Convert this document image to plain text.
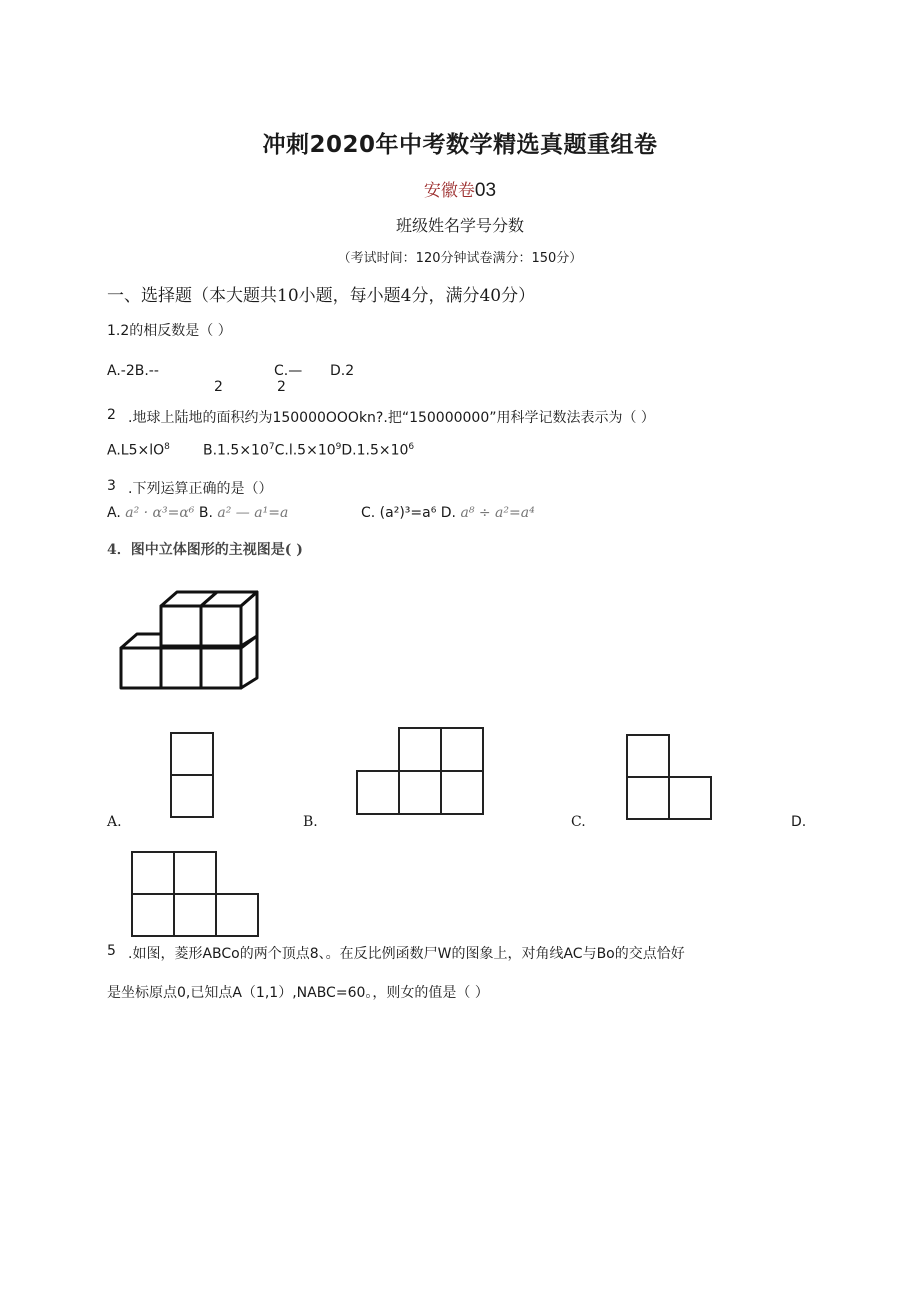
冲刺2020年中考数学精选真题重组卷
安徽卷03
班级姓名学号分数
（考试时间：120分钟试卷满分：150分）
一、选择题（本大题共10小题，每小题4分，满分40分）
1.2的相反数是（ ）
A.-2B.--	C.— D.2
2	2
2 .地球上陆地的面积约为150000OOOkn?.把“150000000”用科学记数法表示为（ ）
$A.L5\times lO^8$ $B.1.5\times 10^7C.l.5\times 10^9D.1.5\times 10^6$
3 .下列运算正确的是（）
A. a² · α³=α⁶ B. a² — a¹=a	C. (a²)³=a⁶ D. a⁸ ÷ a²=a⁴
4．图中立体图形的主视图是( )
A.	B.	C.	D.
5 .如图，菱形ABCo的两个顶点8、。在反比例函数尸W的图象上，对角线AC与Bo的交点恰好
是坐标原点0,已知点A（1,1）,NABC=60。，则女的值是（ ）
